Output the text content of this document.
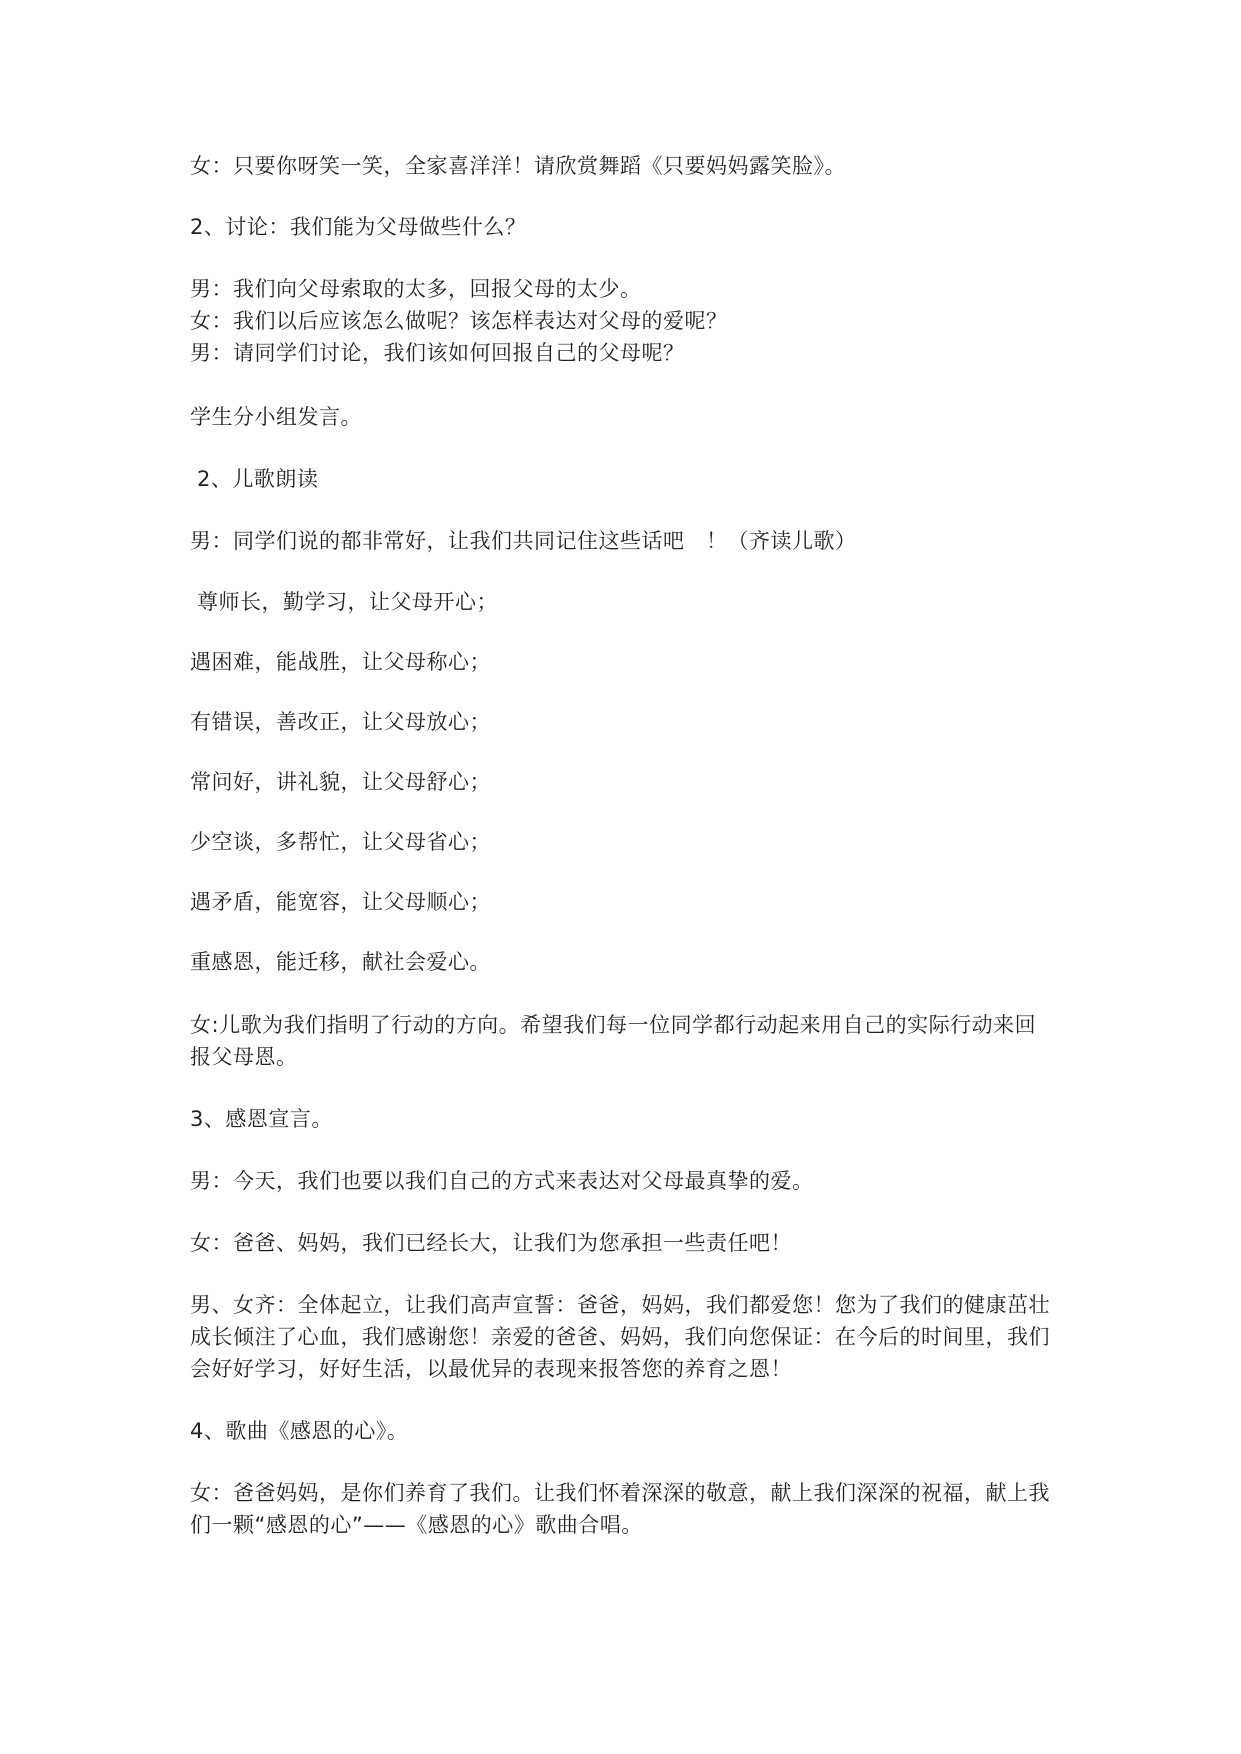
女：只要你呀笑一笑，全家喜洋洋！请欣赏舞蹈《只要妈妈露笑脸》。
2、讨论：我们能为父母做些什么？
男：我们向父母索取的太多，回报父母的太少。
女：我们以后应该怎么做呢？该怎样表达对父母的爱呢？
男：请同学们讨论，我们该如何回报自己的父母呢？
学生分小组发言。
2、儿歌朗读
男：同学们说的都非常好，让我们共同记住这些话吧　！（齐读儿歌）
尊师长，勤学习，让父母开心；
遇困难，能战胜，让父母称心；
有错误，善改正，让父母放心；
常问好，讲礼貌，让父母舒心；
少空谈，多帮忙，让父母省心；
遇矛盾，能宽容，让父母顺心；
重感恩，能迁移，献社会爱心。
女:儿歌为我们指明了行动的方向。希望我们每一位同学都行动起来用自己的实际行动来回
报父母恩。
3、感恩宣言。
男：今天，我们也要以我们自己的方式来表达对父母最真挚的爱。
女：爸爸、妈妈，我们已经长大，让我们为您承担一些责任吧！
男、女齐：全体起立，让我们高声宣誓：爸爸，妈妈，我们都爱您！您为了我们的健康茁壮
成长倾注了心血，我们感谢您！亲爱的爸爸、妈妈，我们向您保证：在今后的时间里，我们
会好好学习，好好生活，以最优异的表现来报答您的养育之恩！
4、歌曲《感恩的心》。
女：爸爸妈妈，是你们养育了我们。让我们怀着深深的敬意，献上我们深深的祝福，献上我
们一颗“感恩的心”——《感恩的心》歌曲合唱。
